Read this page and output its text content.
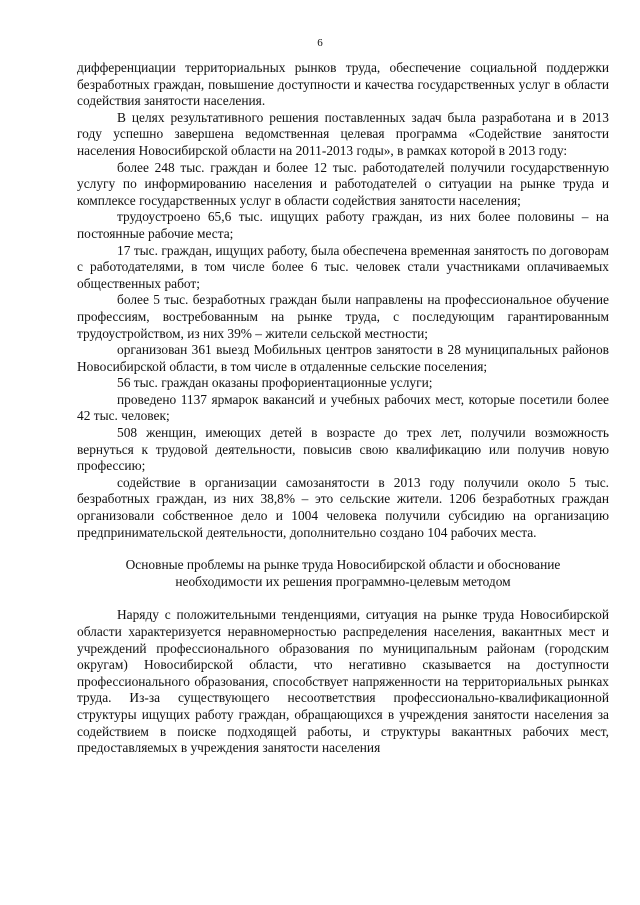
6

дифференциации территориальных рынков труда, обеспечение социальной поддержки безработных граждан, повышение доступности и качества государственных услуг в области содействия занятости населения.

В целях результативного решения поставленных задач была разработана и в 2013 году успешно завершена ведомственная целевая программа «Содействие занятости населения Новосибирской области на 2011-2013 годы», в рамках которой в 2013 году:

более 248 тыс. граждан и более 12 тыс. работодателей получили государственную услугу по информированию населения и работодателей о ситуации на рынке труда и комплексе государственных услуг в области содействия занятости населения;

трудоустроено 65,6 тыс. ищущих работу граждан, из них более половины – на постоянные рабочие места;

17 тыс. граждан, ищущих работу, была обеспечена временная занятость по договорам с работодателями, в том числе более 6 тыс. человек стали участниками оплачиваемых общественных работ;

более 5 тыс. безработных граждан были направлены на профессиональное обучение профессиям, востребованным на рынке труда, с последующим гарантированным трудоустройством, из них 39% – жители сельской местности;

организован 361 выезд Мобильных центров занятости в 28 муниципальных районов Новосибирской области, в том числе в отдаленные сельские поселения;

56 тыс. граждан оказаны профориентационные услуги;

проведено 1137 ярмарок вакансий и учебных рабочих мест, которые посетили более 42 тыс. человек;

508 женщин, имеющих детей в возрасте до трех лет, получили возможность вернуться к трудовой деятельности, повысив свою квалификацию или получив новую профессию;

содействие в организации самозанятости в 2013 году получили около 5 тыс. безработных граждан, из них 38,8% – это сельские жители. 1206 безработных граждан организовали собственное дело и 1004 человека получили субсидию на организацию предпринимательской деятельности, дополнительно создано 104 рабочих места.

Основные проблемы на рынке труда Новосибирской области и обоснование
необходимости их решения программно-целевым методом

Наряду с положительными тенденциями, ситуация на рынке труда Новосибирской области характеризуется неравномерностью распределения населения, вакантных мест и учреждений профессионального образования по муниципальным районам (городским округам) Новосибирской области, что негативно сказывается на доступности профессионального образования, способствует напряженности на территориальных рынках труда. Из-за существующего несоответствия профессионально-квалификационной структуры ищущих работу граждан, обращающихся в учреждения занятости населения за содействием в поиске подходящей работы, и структуры вакантных рабочих мест, предоставляемых в учреждения занятости населения
